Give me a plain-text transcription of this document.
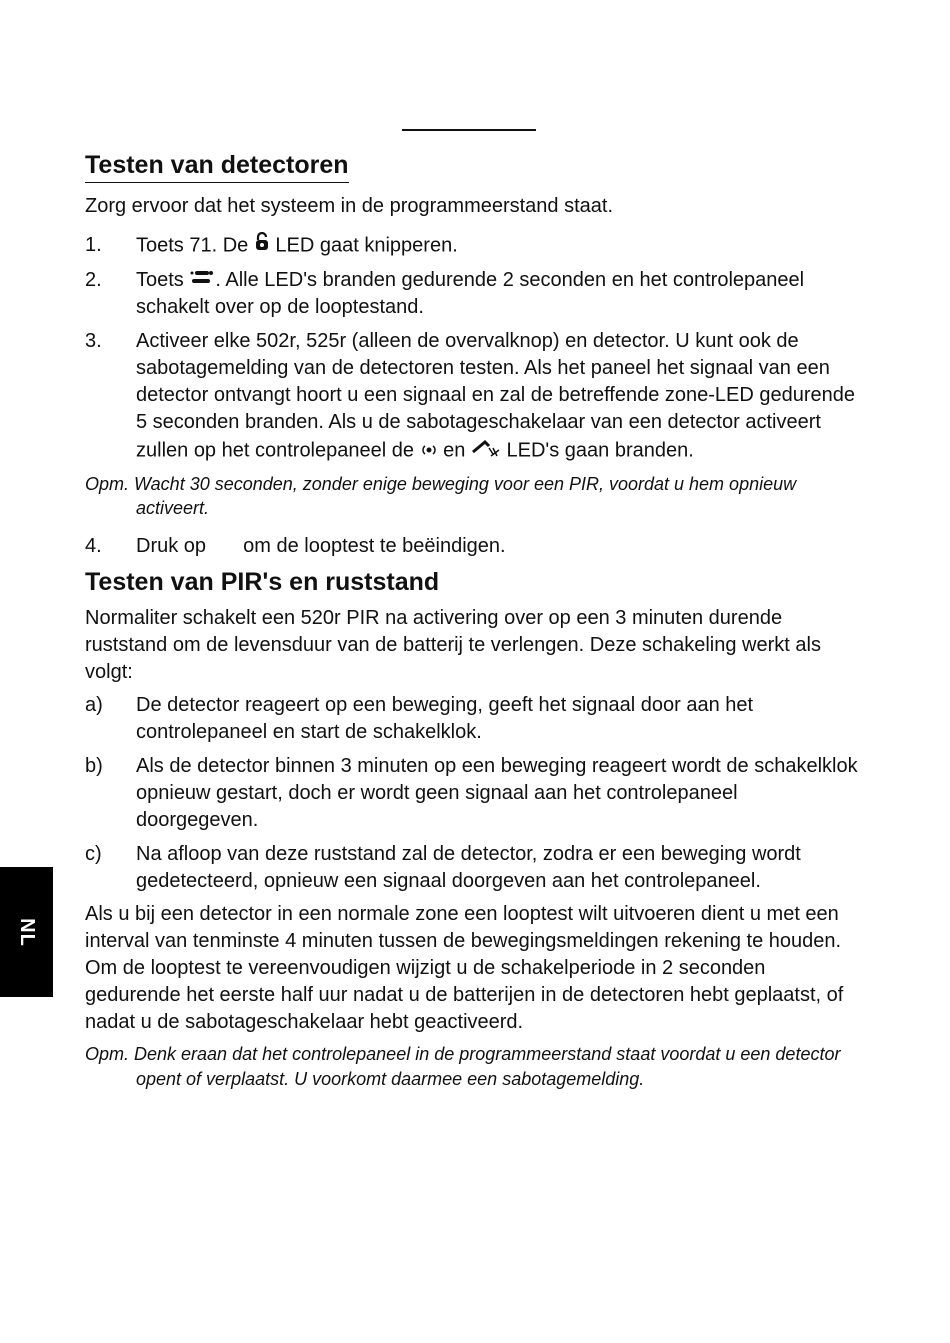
NL
Testen van detectoren

Zorg ervoor dat het systeem in de programmeerstand staat.

1.	Toets 71. De LED gaat knipperen.
2.	Toets . Alle LED's branden gedurende 2 seconden en het controlepaneel schakelt over op de looptestand.
3.	Activeer elke 502r, 525r (alleen de overvalknop) en detector. U kunt ook de sabotagemelding van de detectoren testen. Als het paneel het signaal van een detector ontvangt hoort u een signaal en zal de betreffende zone-LED gedurende 5 seconden branden. Als u de sabotageschakelaar van een detector activeert zullen op het controlepaneel de en LED's gaan branden.

Opm. Wacht 30 seconden, zonder enige beweging voor een PIR, voordat u hem opnieuw activeert.

4.	Druk op om de looptest te beëindigen.
Testen van PIR's en ruststand

Normaliter schakelt een 520r PIR na activering over op een 3 minuten durende ruststand om de levensduur van de batterij te verlengen. Deze schakeling werkt als volgt:

a)	De detector reageert op een beweging, geeft het signaal door aan het controlepaneel en start de schakelklok.
b)	Als de detector binnen 3 minuten op een beweging reageert wordt de schakelklok opnieuw gestart, doch er wordt geen signaal aan het controlepaneel doorgegeven.
c)	Na afloop van deze ruststand zal de detector, zodra er een beweging wordt gedetecteerd, opnieuw een signaal doorgeven aan het controlepaneel.

Als u bij een detector in een normale zone een looptest wilt uitvoeren dient u met een interval van tenminste 4 minuten tussen de bewegingsmeldingen rekening te houden. Om de looptest te vereenvoudigen wijzigt u de schakelperiode in 2 seconden gedurende het eerste half uur nadat u de batterijen in de detectoren hebt geplaatst, of nadat u de sabotageschakelaar hebt geactiveerd.

Opm. Denk eraan dat het controlepaneel in de programmeerstand staat voordat u een detector opent of verplaatst. U voorkomt daarmee een sabotagemelding.
